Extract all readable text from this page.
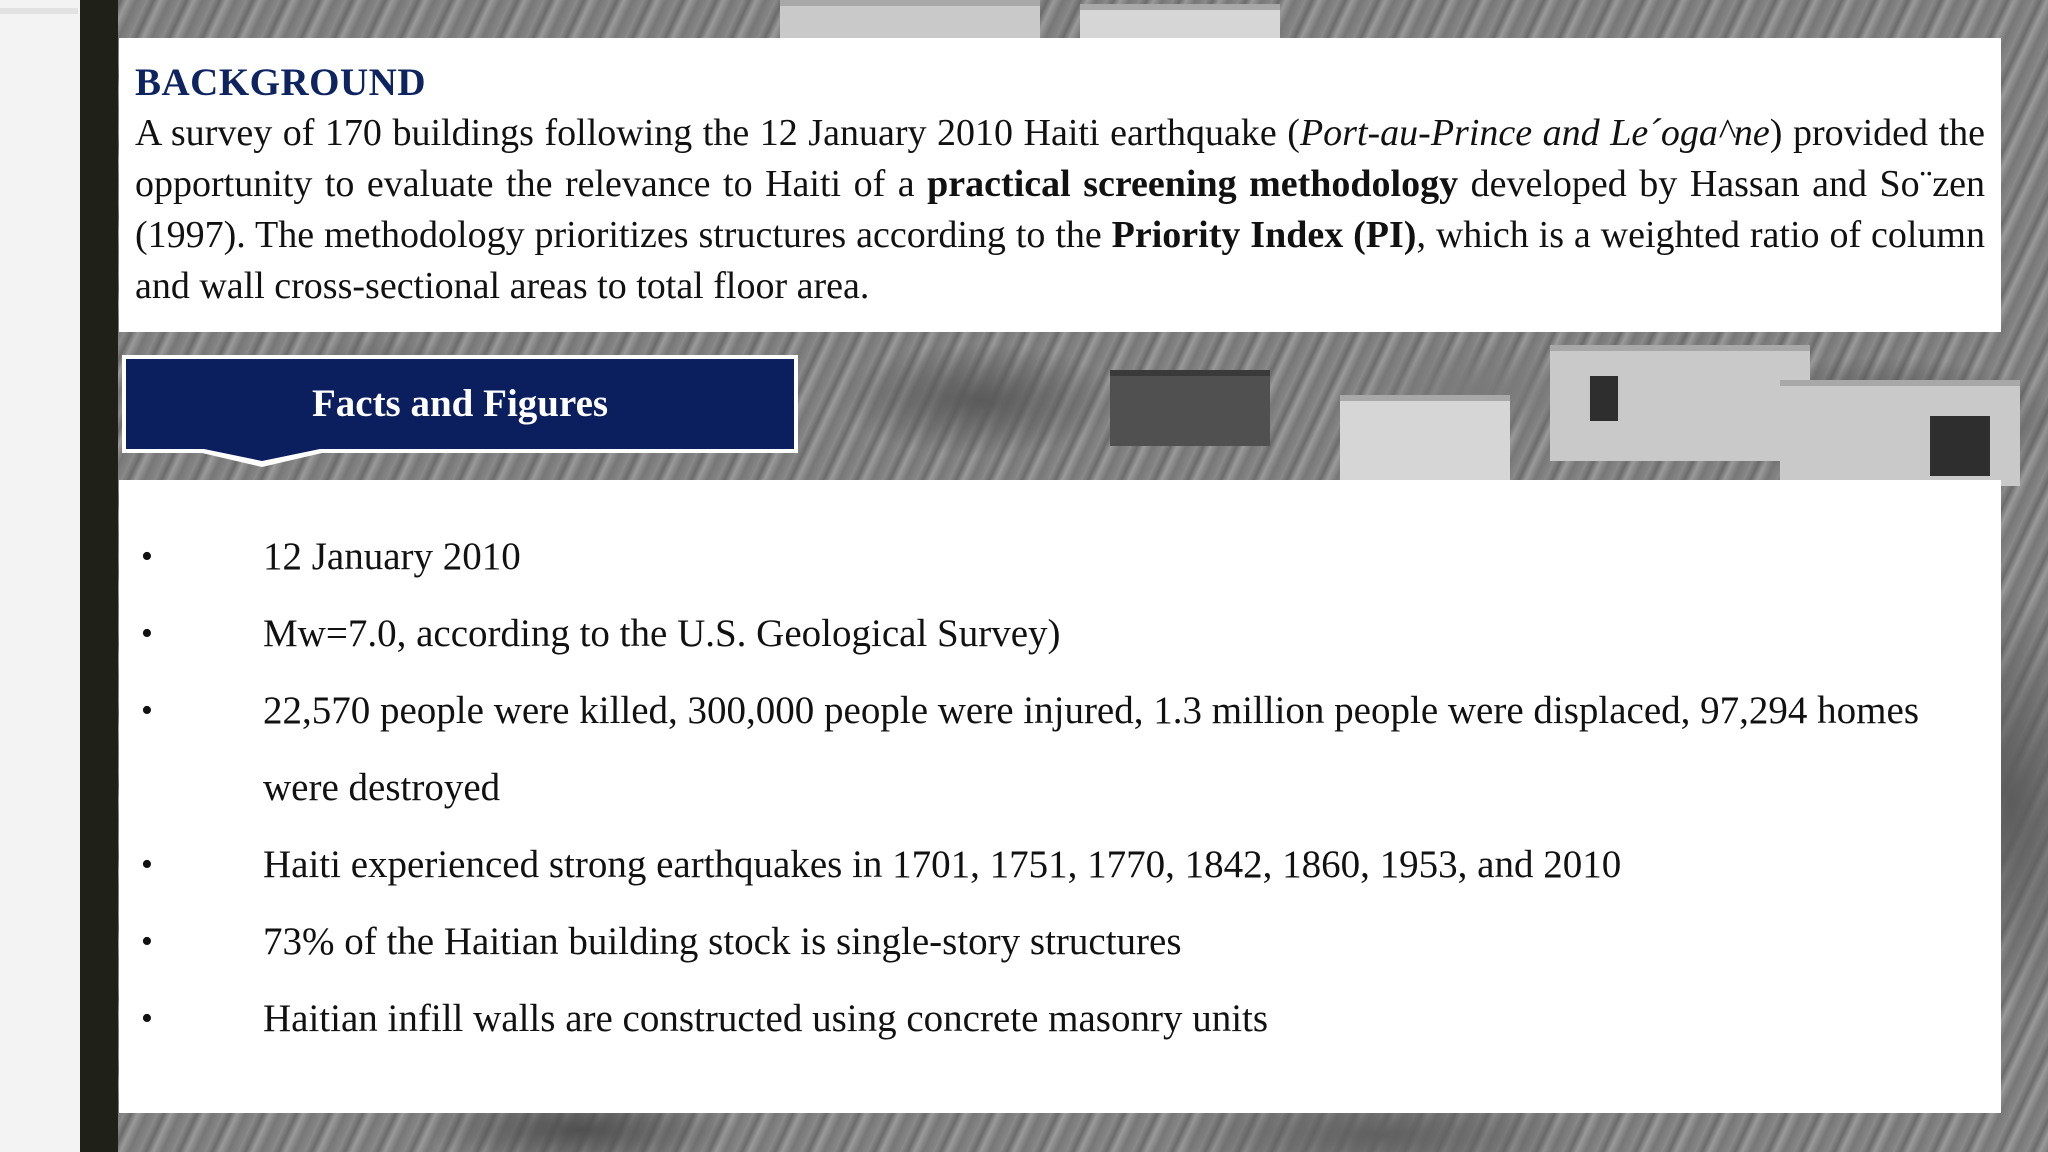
BACKGROUND

A survey of 170 buildings following the 12 January 2010 Haiti earthquake (Port-au-Prince and Le´oga^ne) provided the opportunity to evaluate the relevance to Haiti of a practical screening methodology developed by Hassan and So¨zen (1997). The methodology prioritizes structures according to the Priority Index (PI), which is a weighted ratio of column and wall cross-sectional areas to total floor area.

Facts and Figures
•	12 January 2010
•	Mw=7.0, according to the U.S. Geological Survey)
•	22,570 people were killed, 300,000 people were injured, 1.3 million people were displaced, 97,294 homes were destroyed
•	Haiti experienced strong earthquakes in 1701, 1751, 1770, 1842, 1860, 1953, and 2010
•	73% of the Haitian building stock is single-story structures
•	Haitian infill walls are constructed using concrete masonry units
